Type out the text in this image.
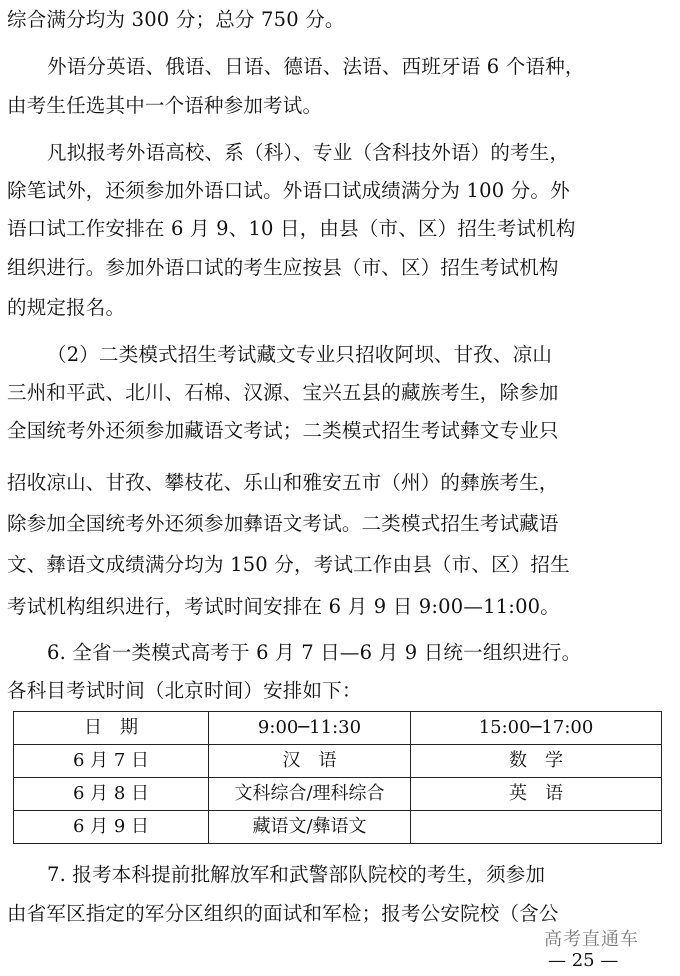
综合满分均为 300 分；总分 750 分。
外语分英语、俄语、日语、德语、法语、西班牙语 6 个语种，
由考生任选其中一个语种参加考试。
凡拟报考外语高校、系（科）、专业（含科技外语）的考生，
除笔试外，还须参加外语口试。外语口试成绩满分为 100 分。外
语口试工作安排在 6 月 9、10 日，由县（市、区）招生考试机构
组织进行。参加外语口试的考生应按县（市、区）招生考试机构
的规定报名。
（2）二类模式招生考试藏文专业只招收阿坝、甘孜、凉山
三州和平武、北川、石棉、汉源、宝兴五县的藏族考生，除参加
全国统考外还须参加藏语文考试；二类模式招生考试彝文专业只
招收凉山、甘孜、攀枝花、乐山和雅安五市（州）的彝族考生，
除参加全国统考外还须参加彝语文考试。二类模式招生考试藏语
文、彝语文成绩满分均为 150 分，考试工作由县（市、区）招生
考试机构组织进行，考试时间安排在 6 月 9 日 9:00—11:00。
6. 全省一类模式高考于 6 月 7 日—6 月 9 日统一组织进行。
各科目考试时间（北京时间）安排如下：
日　期	9:00─11:30	15:00─17:00
6 月 7 日	汉　语	数　学
6 月 8 日	文科综合/理科综合	英　语
6 月 9 日	藏语文/彝语文	
7. 报考本科提前批解放军和武警部队院校的考生，须参加
由省军区指定的军分区组织的面试和军检；报考公安院校（含公
高考直通车
— 25 —
